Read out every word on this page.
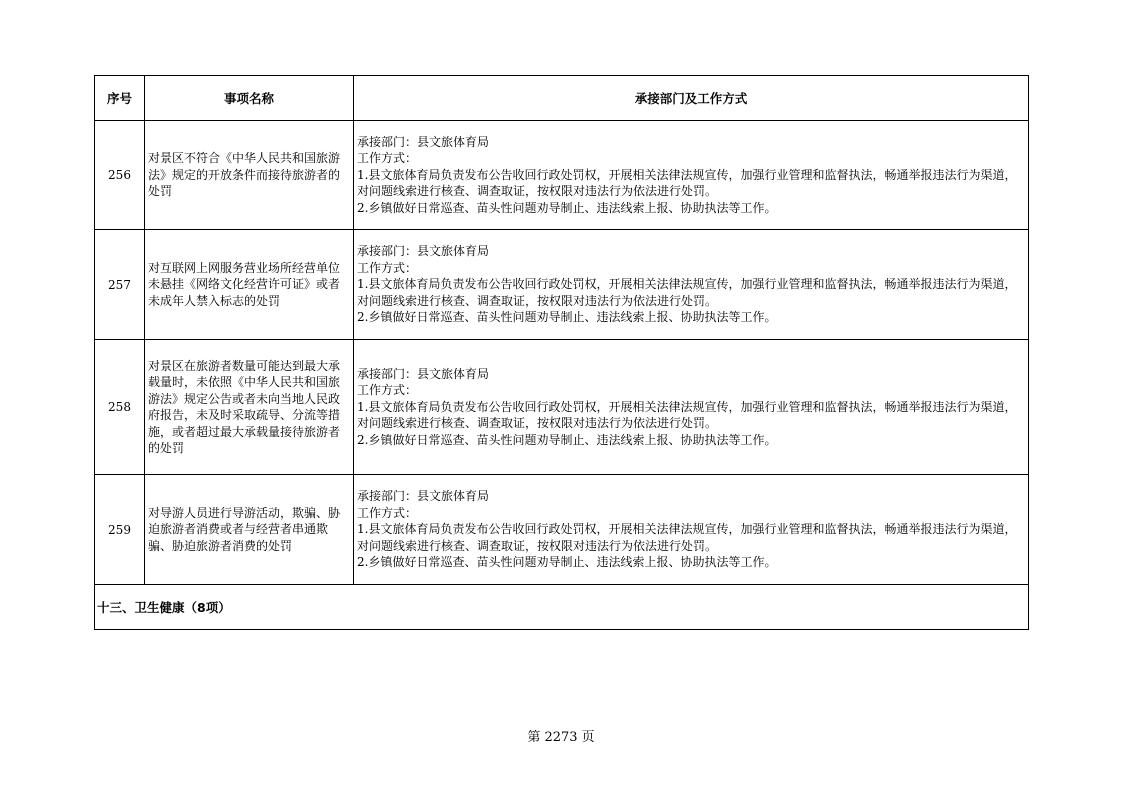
序号	事项名称	承接部门及工作方式
256	对景区不符合《中华人民共和国旅游法》规定的开放条件而接待旅游者的处罚	承接部门：县文旅体育局
工作方式：
1.县文旅体育局负责发布公告收回行政处罚权，开展相关法律法规宣传，加强行业管理和监督执法，畅通举报违法行为渠道，对问题线索进行核查、调查取证，按权限对违法行为依法进行处罚。
2.乡镇做好日常巡查、苗头性问题劝导制止、违法线索上报、协助执法等工作。

257	对互联网上网服务营业场所经营单位未悬挂《网络文化经营许可证》或者未成年人禁入标志的处罚	承接部门：县文旅体育局
工作方式：
1.县文旅体育局负责发布公告收回行政处罚权，开展相关法律法规宣传，加强行业管理和监督执法，畅通举报违法行为渠道，对问题线索进行核查、调查取证，按权限对违法行为依法进行处罚。
2.乡镇做好日常巡查、苗头性问题劝导制止、违法线索上报、协助执法等工作。

258	对景区在旅游者数量可能达到最大承载量时，未依照《中华人民共和国旅游法》规定公告或者未向当地人民政府报告，未及时采取疏导、分流等措施，或者超过最大承载量接待旅游者的处罚	承接部门：县文旅体育局
工作方式：
1.县文旅体育局负责发布公告收回行政处罚权，开展相关法律法规宣传，加强行业管理和监督执法，畅通举报违法行为渠道，对问题线索进行核查、调查取证，按权限对违法行为依法进行处罚。
2.乡镇做好日常巡查、苗头性问题劝导制止、违法线索上报、协助执法等工作。

259	对导游人员进行导游活动，欺骗、胁迫旅游者消费或者与经营者串通欺骗、胁迫旅游者消费的处罚	承接部门：县文旅体育局
工作方式：
1.县文旅体育局负责发布公告收回行政处罚权，开展相关法律法规宣传，加强行业管理和监督执法，畅通举报违法行为渠道，对问题线索进行核查、调查取证，按权限对违法行为依法进行处罚。
2.乡镇做好日常巡查、苗头性问题劝导制止、违法线索上报、协助执法等工作。

十三、卫生健康（8项）		
第 2273 页
